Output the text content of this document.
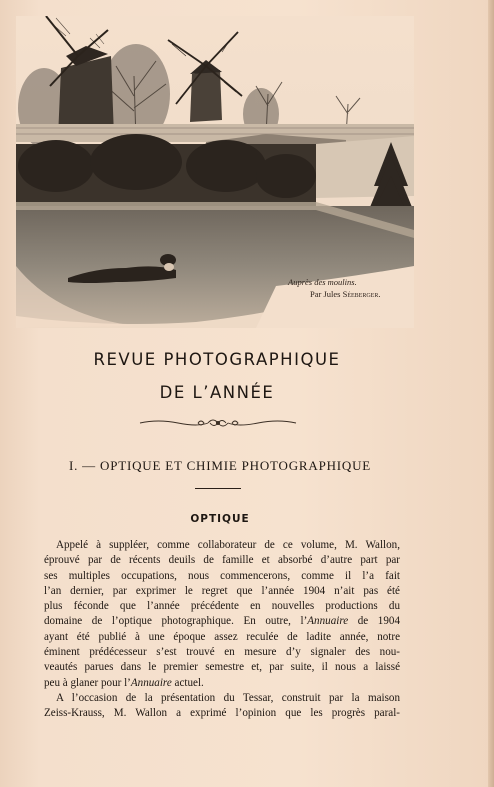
Auprès des moulins.
Par Jules Séeberger.
REVUE PHOTOGRAPHIQUE
DE L’ANNÉE
I. — OPTIQUE ET CHIMIE PHOTOGRAPHIQUE
OPTIQUE
Appelé à suppléer, comme collaborateur de ce volume, M. Wallon,
éprouvé par de récents deuils de famille et absorbé d’autre part par
ses multiples occupations, nous commencerons, comme il l’a fait
l’an dernier, par exprimer le regret que l’année 1904 n’ait pas été
plus féconde que l’année précédente en nouvelles productions du
domaine de l’optique photographique. En outre, l’Annuaire de 1904
ayant été publié à une époque assez reculée de ladite année, notre
éminent prédécesseur s’est trouvé en mesure d’y signaler des nou-
veautés parues dans le premier semestre et, par suite, il nous a laissé
peu à glaner pour l’Annuaire actuel.
A l’occasion de la présentation du Tessar, construit par la maison
Zeiss-Krauss, M. Wallon a exprimé l’opinion que les progrès paral-
